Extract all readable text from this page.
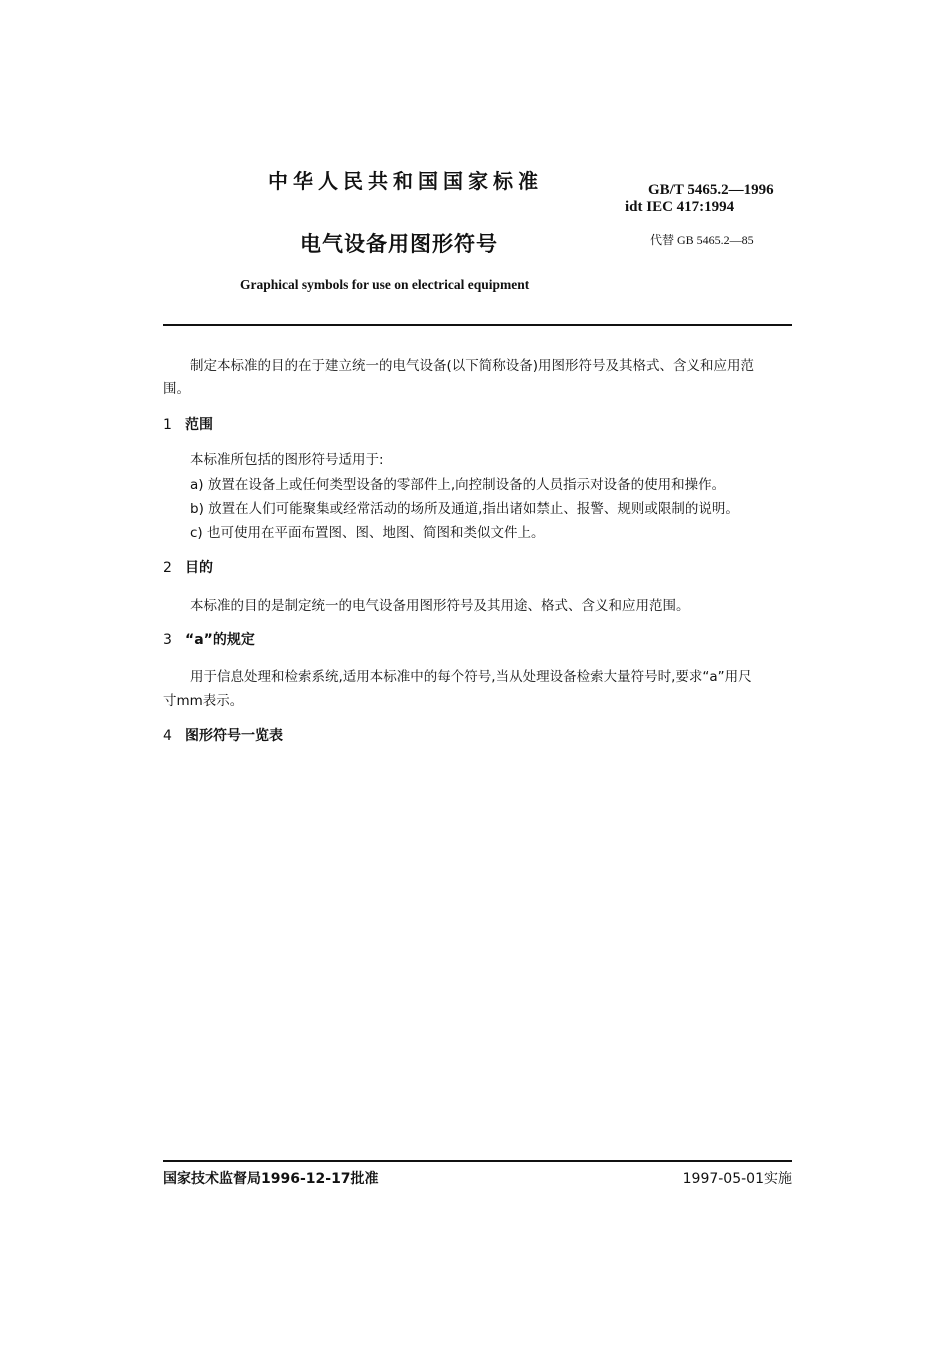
中华人民共和国国家标准	GB/T 5465.2—1996
idt IEC 417:1994
电气设备用图形符号	代替 GB 5465.2—85
Graphical symbols for use on electrical equipment
制定本标准的目的在于建立统一的电气设备(以下简称设备)用图形符号及其格式、含义和应用范
围。
1 范围
本标准所包括的图形符号适用于:
a) 放置在设备上或任何类型设备的零部件上,向控制设备的人员指示对设备的使用和操作。
b) 放置在人们可能聚集或经常活动的场所及通道,指出诸如禁止、报警、规则或限制的说明。
c) 也可使用在平面布置图、图、地图、简图和类似文件上。
2 目的
本标准的目的是制定统一的电气设备用图形符号及其用途、格式、含义和应用范围。
3 “a”的规定
用于信息处理和检索系统,适用本标准中的每个符号,当从处理设备检索大量符号时,要求“a”用尺
寸mm表示。
4 图形符号一览表
国家技术监督局1996-12-17批准	1997-05-01实施
